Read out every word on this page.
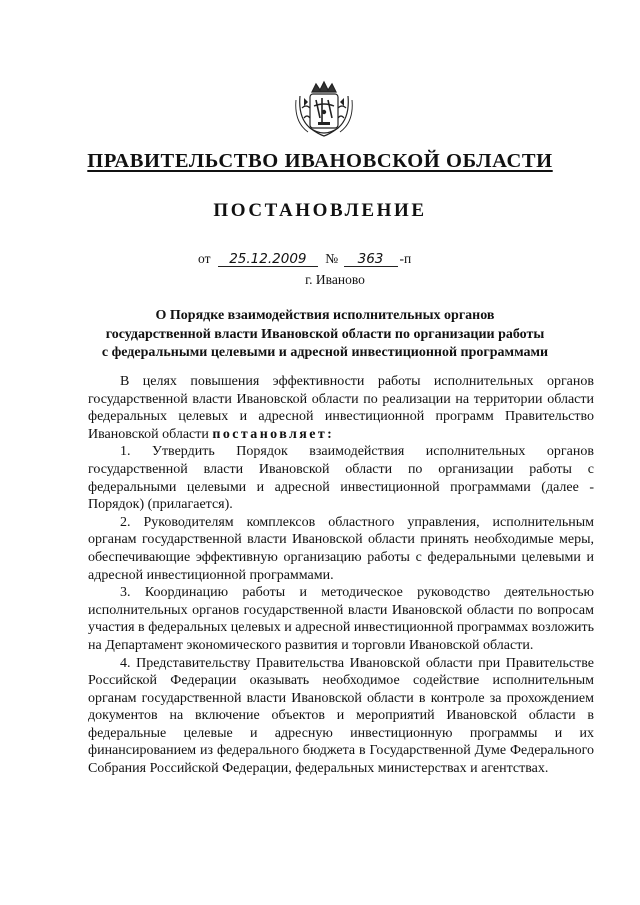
ПРАВИТЕЛЬСТВО ИВАНОВСКОЙ ОБЛАСТИ
ПОСТАНОВЛЕНИЕ
от 25.12.2009 № 363 -п
г. Иваново
О Порядке взаимодействия исполнительных органов
государственной власти Ивановской области по организации работы
с федеральными целевыми и адресной инвестиционной программами

В целях повышения эффективности работы исполнительных органов государственной власти Ивановской области по реализации на территории области федеральных целевых и адресной инвестиционной программ Правительство Ивановской области постановляет:

1. Утвердить Порядок взаимодействия исполнительных органов государственной власти Ивановской области по организации работы с федеральными целевыми и адресной инвестиционной программами (далее - Порядок) (прилагается).

2. Руководителям комплексов областного управления, исполнительным органам государственной власти Ивановской области принять необходимые меры, обеспечивающие эффективную организацию работы с федеральными целевыми и адресной инвестиционной программами.

3. Координацию работы и методическое руководство деятельностью исполнительных органов государственной власти Ивановской области по вопросам участия в федеральных целевых и адресной инвестиционной программах возложить на Департамент экономического развития и торговли Ивановской области.

4. Представительству Правительства Ивановской области при Правительстве Российской Федерации оказывать необходимое содействие исполнительным органам государственной власти Ивановской области в контроле за прохождением документов на включение объектов и мероприятий Ивановской области в федеральные целевые и адресную инвестиционную программы и их финансированием из федерального бюджета в Государственной Думе Федерального Собрания Российской Федерации, федеральных министерствах и агентствах.
